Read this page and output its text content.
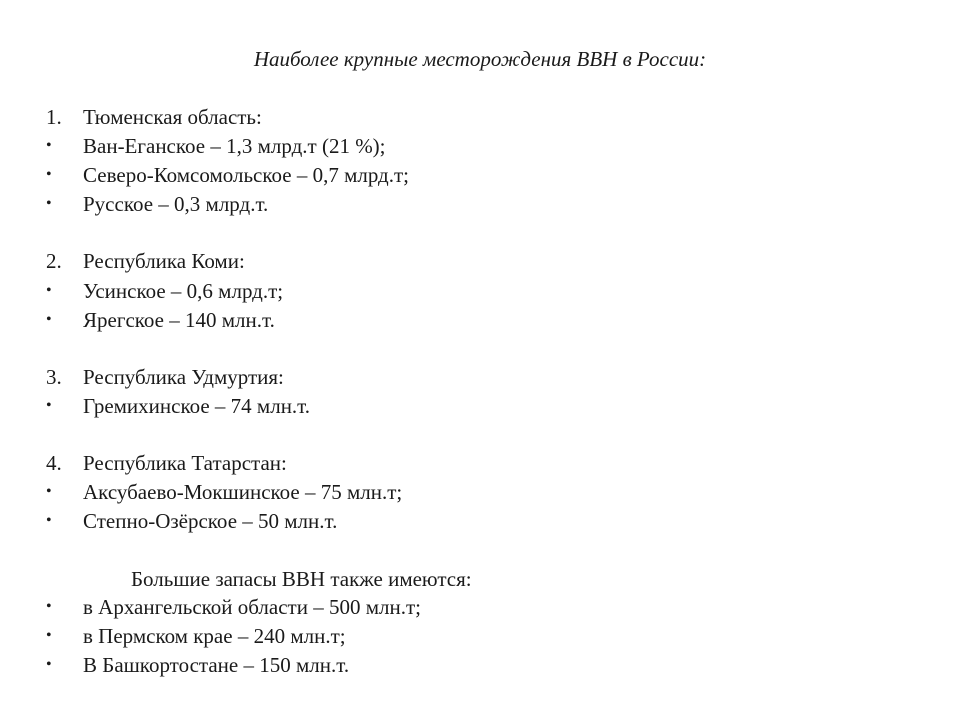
Наиболее крупные месторождения ВВН в России:
1. Тюменская область:
• Ван-Еганское – 1,3 млрд.т (21 %);
• Северо-Комсомольское – 0,7 млрд.т;
• Русское – 0,3 млрд.т.
2. Республика Коми:
• Усинское – 0,6 млрд.т;
• Ярегское – 140 млн.т.
3. Республика Удмуртия:
• Гремихинское – 74 млн.т.
4. Республика Татарстан:
• Аксубаево-Мокшинское – 75 млн.т;
• Степно-Озёрское – 50 млн.т.
Большие запасы ВВН также имеются:
• в Архангельской области – 500 млн.т;
• в Пермском крае – 240 млн.т;
• В Башкортостане – 150 млн.т.
